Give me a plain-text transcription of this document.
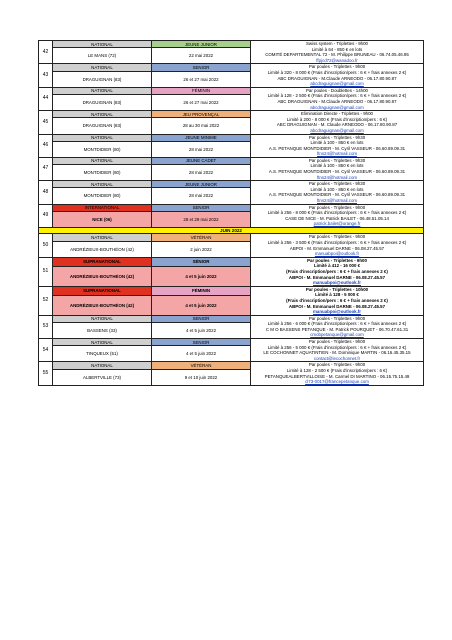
42	NATIONAL	JEUNE JUNIOR	Swiss system - Triplettes - 9h00
Limité à 64 - 850 € en lots
COMITÉ DEPARTEMENTAL 72 - M. Philippe BRUNEAU - 06.74.05.46.95
ffpjcd72@wanadoo.fr

	LE MANS (72)	22 mai 2022	
43	NATIONAL	SENIOR	Par poules - Triplettes - 9h00
Limité à 320 - 8 000 € (Frais d'inscription/pers : 6 € + frais annexes 2 €)
ABC DRAGUIGNAN - M.Claude ARNEODO - 06.17.80.90.87
abcdraguignan@gmail.com

	DRAGUIGNAN (83)	26 et 27 mai 2022	
44	NATIONAL	FÉMININ	Par poules - Doublettes - 14h00
Limité à 128 - 2 500 € (Frais d'inscription/pers : 6 € + frais annexes 2 €)
ABC DRAGUIGNAN - M.Claude ARNEODO - 06.17.80.90.87
abcdraguignan@gmail.com

	DRAGUIGNAN (83)	26 et 27 mai 2022	
45	NATIONAL	JEU PROVENÇAL	Elimination Directe - Triplettes - 9h00
Limité à 200 - 8 000 € (Frais d'inscription/pers : 6 €)
ABC DRAGUIGNAN - M. Claude ARNEODO - 06.17.80.90.87
abcdraguignan@gmail.com

	DRAGUIGNAN (83)	28 au 30 mai 2022	
46	NATIONAL	JEUNE MINIME	Par poules - Triplettes - 9h30
Limité à 100 - 850 € en lots
A.S. PETANQUE MONTDIDIER - M. Cyril VASSEUR - 06.60.89.09.31
ftns24@hotmail.com

	MONTDIDIER (80)	28 mai 2022	
47	NATIONAL	JEUNE CADET	Par poules - Triplettes - 9h30
Limité à 100 - 850 € en lots
A.S. PETANQUE MONTDIDIER - M. Cyril VASSEUR - 06.60.89.09.31
ftns24@hotmail.com

	MONTDIDIER (80)	28 mai 2022	
48	NATIONAL	JEUNE JUNIOR	Par poules - Triplettes - 9h30
Limité à 100 - 850 € en lots
A.S. PETANQUE MONTDIDIER - M. Cyril VASSEUR - 06.60.89.09.31
ftns24@hotmail.com

	MONTDIDIER (80)	28 mai 2022	
49	INTERNATIONAL	SENIOR	Par poules - Triplettes - 9h00
Limité à 256 - 8 000 € (Frais d'inscription/pers : 6 € + frais annexes 2 €)
CASE DE NICE - M. Patrick BAILET - 06.48.51.05.14
patrick.bailet@orange.fr

	NICE (06)	28 et 29 mai 2022	
JUIN 2022			
50	NATIONAL	VÉTÉRAN	Par poules - Triplettes - 9h00
Limité à 256 - 3 500 € (Frais d'inscription/pers : 6 € + frais annexes 2 €)
ABPOI - M. Emmanuel DARNE - 06.08.27.45.57
manuabpoi@outlook.fr

	ANDRÉZIEUX-BOUTHÉON (42)	2 juin 2022	
51	SUPRANATIONAL	SÉNIOR	Par poules - Triplettes - 9h00
Limité à 412 - 16 000 €
(Frais d'inscription/pers : 6 € + frais annexes 2 €)
ABPOI - M. Emmanuel DARNE - 06.08.27.45.57
manuabpoi@outlook.fr

	ANDRÉZIEUX-BOUTHÉON (42)	4 et 5 juin 2022	
52	SUPRANATIONAL	FÉMININ	Par poules - Triplettes - 10h00
Limité à 128 - 5 000 €
(Frais d'inscription/pers : 6 € + frais annexes 2 €)
ABPOI - M. Emmanuel DARNE - 06.08.27.45.57
manuabpoi@outlook.fr

	ANDRÉZIEUX-BOUTHÉON (42)	4 et 5 juin 2022	
53	NATIONAL	SENIOR	Par poules - Triplettes - 9h00
Limité à 256 - 6 000 € (Frais d'inscription/pers : 6 € + frais annexes 2 €)
C M O BASSENS PETANQUE - M. Patrick POURQUET - 06.70.47.61.31
cmobpetanque@gmail.com

	BASSENS (33)	4 et 5 juin 2022	
54	NATIONAL	SENIOR	Par poules - Triplettes - 9h00
Limité à 256 - 5 000 € (Frais d'inscription/pers : 6 € + frais annexes 2 €)
LE COCHONNET AQUATINTIEN - M. Dominique MARTIN - 06.16.45.35.15
contact@lecochonnet.fr

	TINQUEUX (51)	4 et 5 juin 2022	
55	NATIONAL	VÉTÉRAN	Par poules - Triplettes - 9h00
Limité à 128 - 2 500 € (Frais d'inscription/pers : 6 €)
PETANQUEALBERTVILLOISE - M. Carmel DI MARTINO - 06.15.75.15.49
cl73-0017@francepetanque.com

	ALBERTVILLE (73)	9 et 10 juin 2022	
